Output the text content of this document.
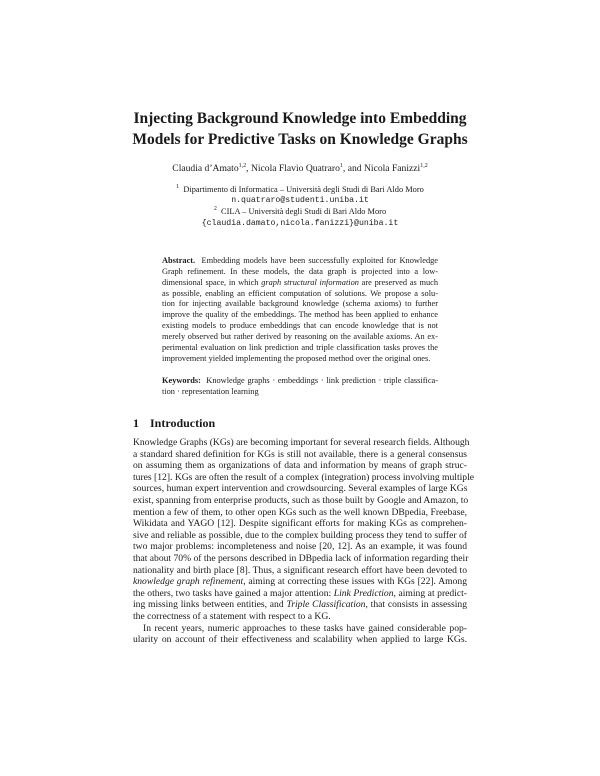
Injecting Background Knowledge into Embedding
Models for Predictive Tasks on Knowledge Graphs
Claudia d’Amato$^{1,2}$, Nicola Flavio Quatraro$^1$, and Nicola Fanizzi$^{1,2}$
$^1$ Dipartimento di Informatica – Università degli Studi di Bari Aldo Moro
n.quatraro@studenti.uniba.it
$^2$ CILA – Università degli Studi di Bari Aldo Moro
{claudia.damato,nicola.fanizzi}@uniba.it
Abstract. Embedding models have been successfully exploited for Knowledge
Graph refinement. In these models, the data graph is projected into a low-
dimensional space, in which graph structural information are preserved as much
as possible, enabling an efficient computation of solutions. We propose a solu-
tion for injecting available background knowledge (schema axioms) to further
improve the quality of the embeddings. The method has been applied to enhance
existing models to produce embeddings that can encode knowledge that is not
merely observed but rather derived by reasoning on the available axioms. An ex-
perimental evaluation on link prediction and triple classification tasks proves the
improvement yielded implementing the proposed method over the original ones.
Keywords: Knowledge graphs · embeddings · link prediction · triple classifica-
tion · representation learning
1 Introduction
Knowledge Graphs (KGs) are becoming important for several research fields. Although
a standard shared definition for KGs is still not available, there is a general consensus
on assuming them as organizations of data and information by means of graph struc-
tures [12]. KGs are often the result of a complex (integration) process involving multiple
sources, human expert intervention and crowdsourcing. Several examples of large KGs
exist, spanning from enterprise products, such as those built by Google and Amazon, to
mention a few of them, to other open KGs such as the well known DBpedia, Freebase,
Wikidata and YAGO [12]. Despite significant efforts for making KGs as comprehen-
sive and reliable as possible, due to the complex building process they tend to suffer of
two major problems: incompleteness and noise [20, 12]. As an example, it was found
that about 70% of the persons described in DBpedia lack of information regarding their
nationality and birth place [8]. Thus, a significant research effort have been devoted to
knowledge graph refinement, aiming at correcting these issues with KGs [22]. Among
the others, two tasks have gained a major attention: Link Prediction, aiming at predict-
ing missing links between entities, and Triple Classification, that consists in assessing
the correctness of a statement with respect to a KG.
In recent years, numeric approaches to these tasks have gained considerable pop-
ularity on account of their effectiveness and scalability when applied to large KGs.
